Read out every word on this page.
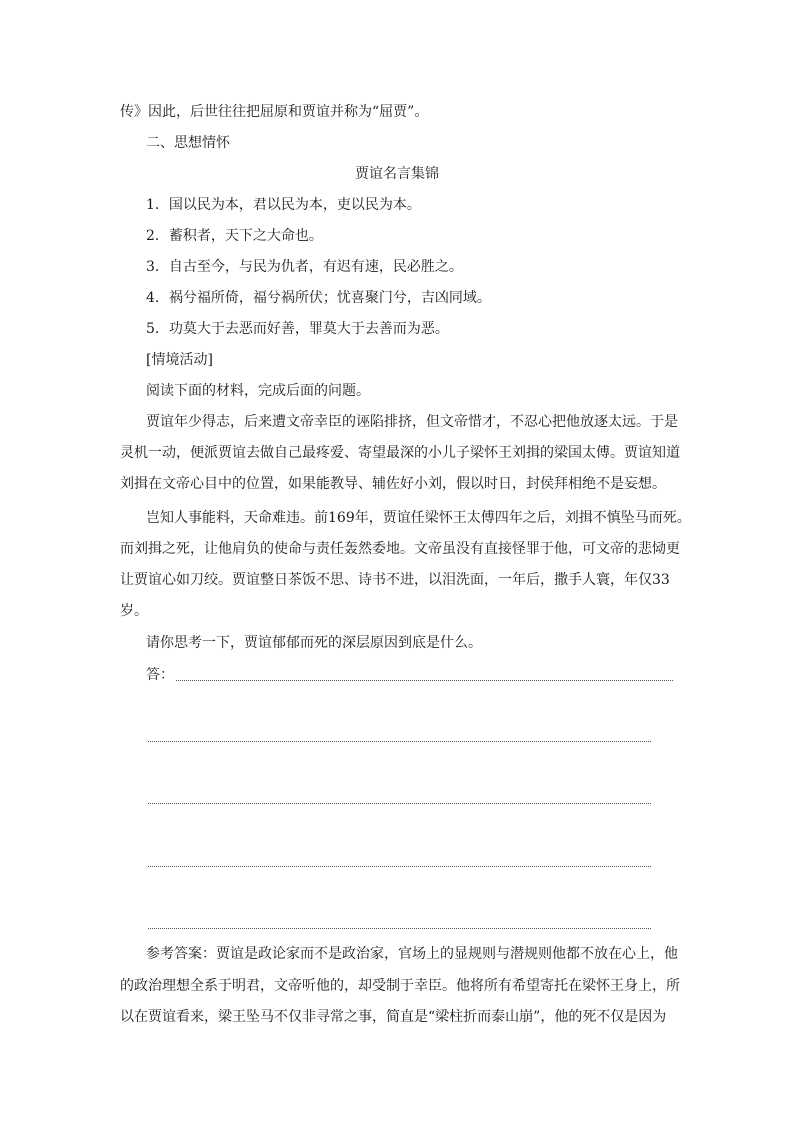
传》因此，后世往往把屈原和贾谊并称为“屈贾”。
二、思想情怀
贾谊名言集锦
1．国以民为本，君以民为本，吏以民为本。
2．蓄积者，天下之大命也。
3．自古至今，与民为仇者，有迟有速，民必胜之。
4．祸兮福所倚，福兮祸所伏；忧喜聚门兮，吉凶同域。
5．功莫大于去恶而好善，罪莫大于去善而为恶。
[情境活动]
阅读下面的材料，完成后面的问题。
贾谊年少得志，后来遭文帝幸臣的诬陷排挤，但文帝惜才，不忍心把他放逐太远。于是
灵机一动，便派贾谊去做自己最疼爱、寄望最深的小儿子梁怀王刘揖的梁国太傅。贾谊知道
刘揖在文帝心目中的位置，如果能教导、辅佐好小刘，假以时日，封侯拜相绝不是妄想。
岂知人事能料，天命难违。前169年，贾谊任梁怀王太傅四年之后，刘揖不慎坠马而死。
而刘揖之死，让他肩负的使命与责任轰然委地。文帝虽没有直接怪罪于他，可文帝的悲恸更
让贾谊心如刀绞。贾谊整日茶饭不思、诗书不进，以泪洗面，一年后，撒手人寰，年仅33
岁。
请你思考一下，贾谊郁郁而死的深层原因到底是什么。
答：
参考答案：贾谊是政论家而不是政治家，官场上的显规则与潜规则他都不放在心上，他
的政治理想全系于明君，文帝听他的，却受制于幸臣。他将所有希望寄托在梁怀王身上，所
以在贾谊看来，梁王坠马不仅非寻常之事，简直是“梁柱折而泰山崩”，他的死不仅是因为
